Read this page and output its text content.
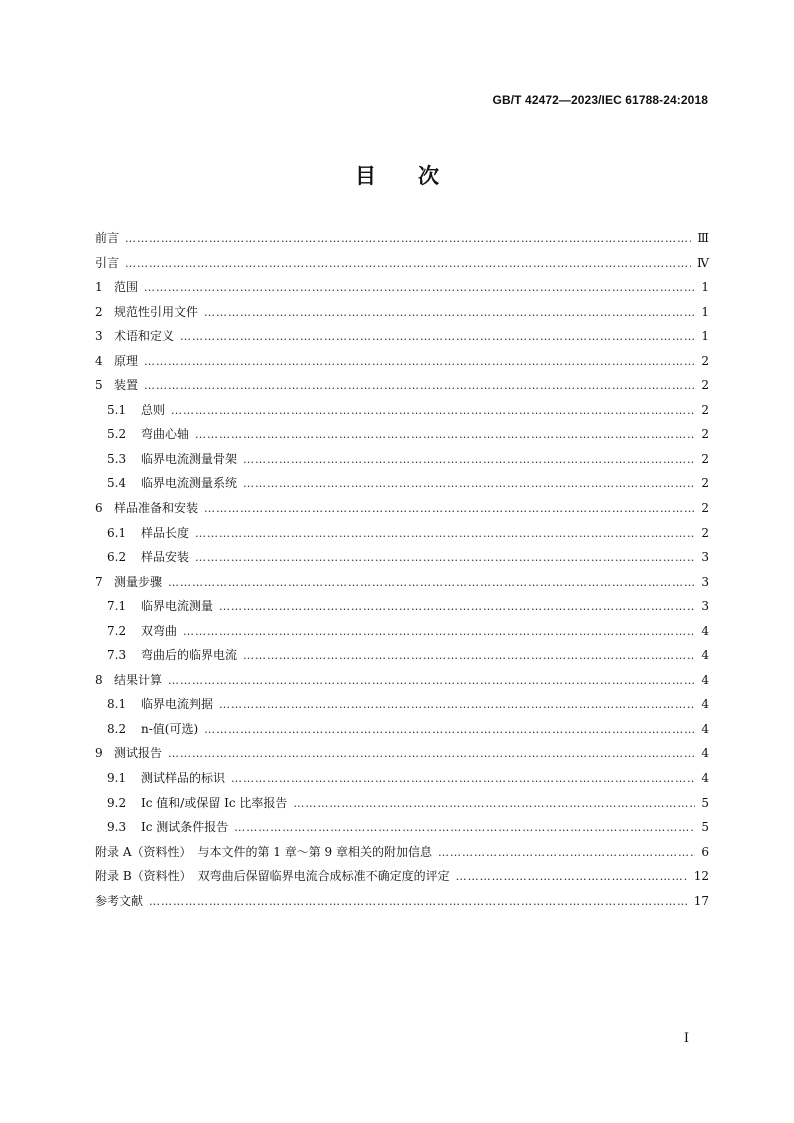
GB/T 42472—2023/IEC 61788-24:2018
目　　次
前言 …………………………………………………………………………………………………………………………………………………………………………………………………………	Ⅲ
引言 …………………………………………………………………………………………………………………………………………………………………………………………………………	Ⅳ
1 范围 …………………………………………………………………………………………………………………………………………………………………………………………………………	1
2 规范性引用文件 …………………………………………………………………………………………………………………………………………………………………………………………………………	1
3 术语和定义 …………………………………………………………………………………………………………………………………………………………………………………………………………	1
4 原理 …………………………………………………………………………………………………………………………………………………………………………………………………………	2
5 装置 …………………………………………………………………………………………………………………………………………………………………………………………………………	2
5.1	总则 …………………………………………………………………………………………………………………………………………………………………………………………………………	2
5.2	弯曲心轴 …………………………………………………………………………………………………………………………………………………………………………………………………………	2
5.3	临界电流测量骨架 …………………………………………………………………………………………………………………………………………………………………………………………………………	2
5.4	临界电流测量系统 …………………………………………………………………………………………………………………………………………………………………………………………………………	2
6 样品准备和安装 …………………………………………………………………………………………………………………………………………………………………………………………………………	2
6.1	样品长度 …………………………………………………………………………………………………………………………………………………………………………………………………………	2
6.2	样品安装 …………………………………………………………………………………………………………………………………………………………………………………………………………	3
7 测量步骤 …………………………………………………………………………………………………………………………………………………………………………………………………………	3
7.1	临界电流测量 …………………………………………………………………………………………………………………………………………………………………………………………………………	3
7.2	双弯曲 …………………………………………………………………………………………………………………………………………………………………………………………………………	4
7.3	弯曲后的临界电流 …………………………………………………………………………………………………………………………………………………………………………………………………………	4
8 结果计算 …………………………………………………………………………………………………………………………………………………………………………………………………………	4
8.1	临界电流判据 …………………………………………………………………………………………………………………………………………………………………………………………………………	4
8.2	n-值(可选) …………………………………………………………………………………………………………………………………………………………………………………………………………	4
9 测试报告 …………………………………………………………………………………………………………………………………………………………………………………………………………	4
9.1	测试样品的标识 …………………………………………………………………………………………………………………………………………………………………………………………………………	4
9.2	Ic 值和/或保留 Ic 比率报告 …………………………………………………………………………………………………………………………………………………………………………………………………………	5
9.3	Ic 测试条件报告 …………………………………………………………………………………………………………………………………………………………………………………………………………	5
附录 A（资料性）　与本文件的第 1 章～第 9 章相关的附加信息 …………………………………………………………………………………………………………………………………………………………………………………………………………	6
附录 B（资料性）　双弯曲后保留临界电流合成标准不确定度的评定 …………………………………………………………………………………………………………………………………………………………………………………………………………	12
参考文献 …………………………………………………………………………………………………………………………………………………………………………………………………………	17
I
